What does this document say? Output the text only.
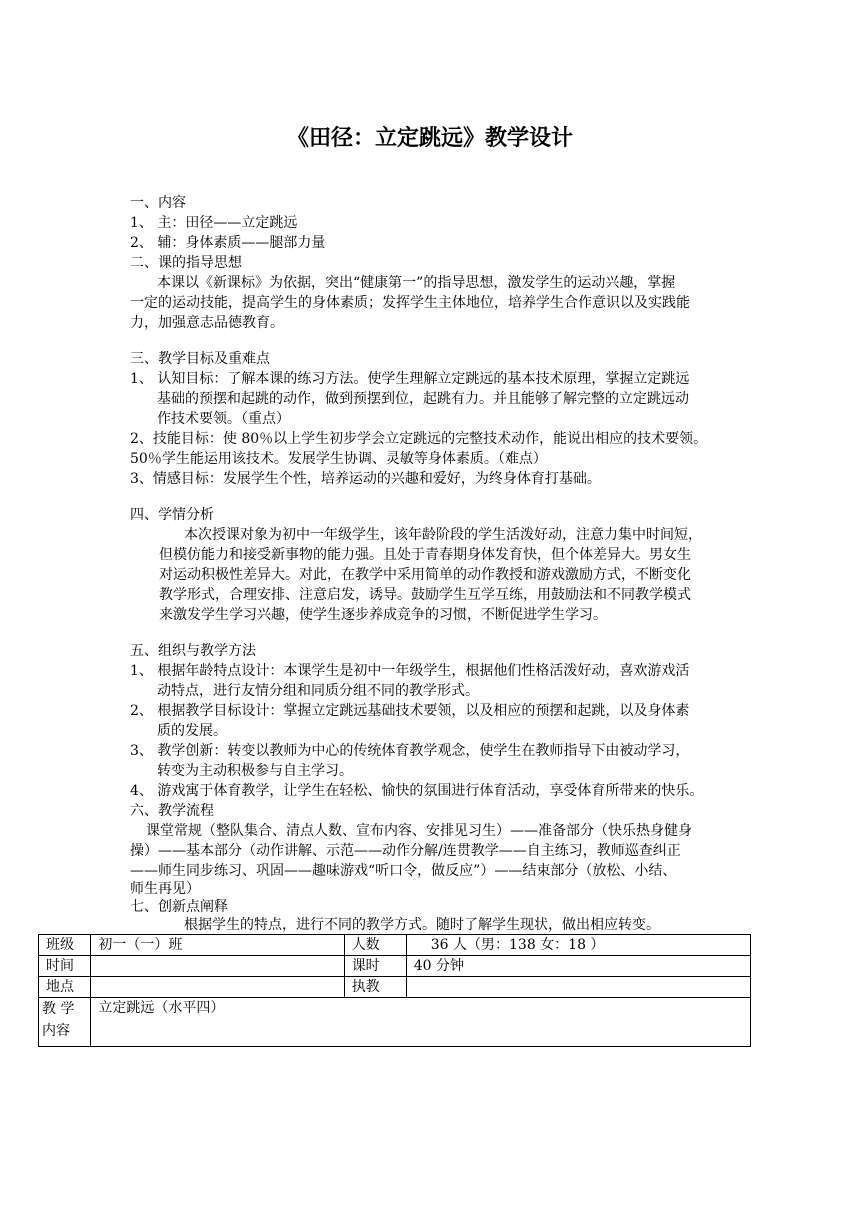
《田径：立定跳远》教学设计
一、内容
1、 主：田径——立定跳远
2、 辅：身体素质——腿部力量
二、课的指导思想
本课以《新课标》为依据，突出“健康第一”的指导思想，激发学生的运动兴趣，掌握
一定的运动技能，提高学生的身体素质；发挥学生主体地位，培养学生合作意识以及实践能
力，加强意志品德教育。
三、教学目标及重难点
1、 认知目标：了解本课的练习方法。使学生理解立定跳远的基本技术原理，掌握立定跳远
基础的预摆和起跳的动作，做到预摆到位，起跳有力。并且能够了解完整的立定跳远动
作技术要领。（重点）
2、技能目标：使 80％以上学生初步学会立定跳远的完整技术动作，能说出相应的技术要领。
50％学生能运用该技术。发展学生协调、灵敏等身体素质。（难点）
3、情感目标：发展学生个性，培养运动的兴趣和爱好，为终身体育打基础。
四、学情分析
本次授课对象为初中一年级学生，该年龄阶段的学生活泼好动，注意力集中时间短，
但模仿能力和接受新事物的能力强。且处于青春期身体发育快，但个体差异大。男女生
对运动积极性差异大。对此，在教学中采用简单的动作教授和游戏激励方式，不断变化
教学形式，合理安排、注意启发，诱导。鼓励学生互学互练，用鼓励法和不同教学模式
来激发学生学习兴趣，使学生逐步养成竞争的习惯，不断促进学生学习。
五、组织与教学方法
1、 根据年龄特点设计：本课学生是初中一年级学生，根据他们性格活泼好动，喜欢游戏活
动特点，进行友情分组和同质分组不同的教学形式。
2、 根据教学目标设计：掌握立定跳远基础技术要领，以及相应的预摆和起跳，以及身体素
质的发展。
3、 教学创新：转变以教师为中心的传统体育教学观念，使学生在教师指导下由被动学习，
转变为主动积极参与自主学习。
4、 游戏寓于体育教学，让学生在轻松、愉快的氛围进行体育活动，享受体育所带来的快乐。
六、教学流程
课堂常规（整队集合、清点人数、宣布内容、安排见习生）——准备部分（快乐热身健身
操）——基本部分（动作讲解、示范——动作分解/连贯教学——自主练习，教师巡查纠正
——师生同步练习、巩固——趣味游戏“听口令，做反应”）——结束部分（放松、小结、
师生再见）
七、创新点阐释
根据学生的特点，进行不同的教学方式。随时了解学生现状，做出相应转变。
班级	初一（一）班	人数	36 人（男：138 女：18 ）
时间		课时	40 分钟
地点		执教	
教 学 内容	立定跳远（水平四）		
